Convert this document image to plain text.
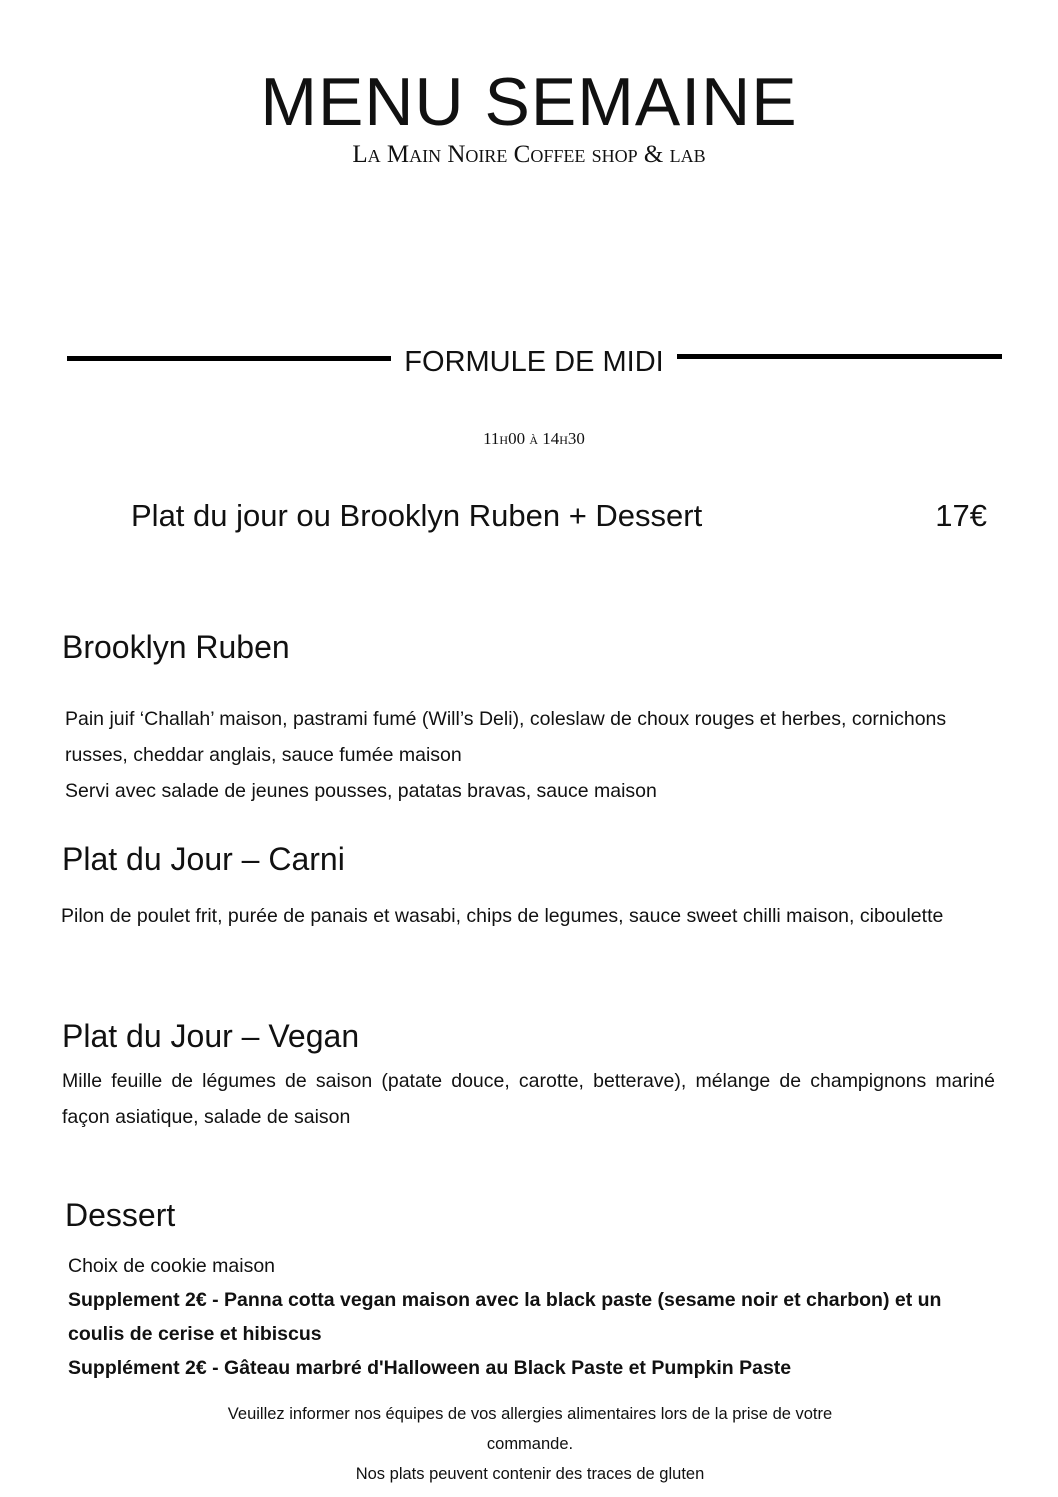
MENU SEMAINE
La Main Noire Coffee shop & lab
FORMULE DE MIDI
11h00 à 14h30
Plat du jour ou Brooklyn Ruben + Dessert	17€
Brooklyn Ruben

Pain juif ‘Challah’ maison, pastrami fumé (Will’s Deli), coleslaw de choux rouges et herbes, cornichons russes, cheddar anglais, sauce fumée maison

Servi avec salade de jeunes pousses, patatas bravas, sauce maison

Plat du Jour – Carni
Pilon de poulet frit, purée de panais et wasabi, chips de legumes, sauce sweet chilli maison, ciboulette
Plat du Jour – Vegan
Mille feuille de légumes de saison (patate douce, carotte, betterave), mélange de champignons mariné façon asiatique, salade de saison
Dessert

Choix de cookie maison

Supplement 2€ - Panna cotta vegan maison avec la black paste (sesame noir et charbon) et un coulis de cerise et hibiscus

Supplément 2€ - Gâteau marbré d'Halloween au Black Paste et Pumpkin Paste

Veuillez informer nos équipes de vos allergies alimentaires lors de la prise de votre commande.

Nos plats peuvent contenir des traces de gluten
